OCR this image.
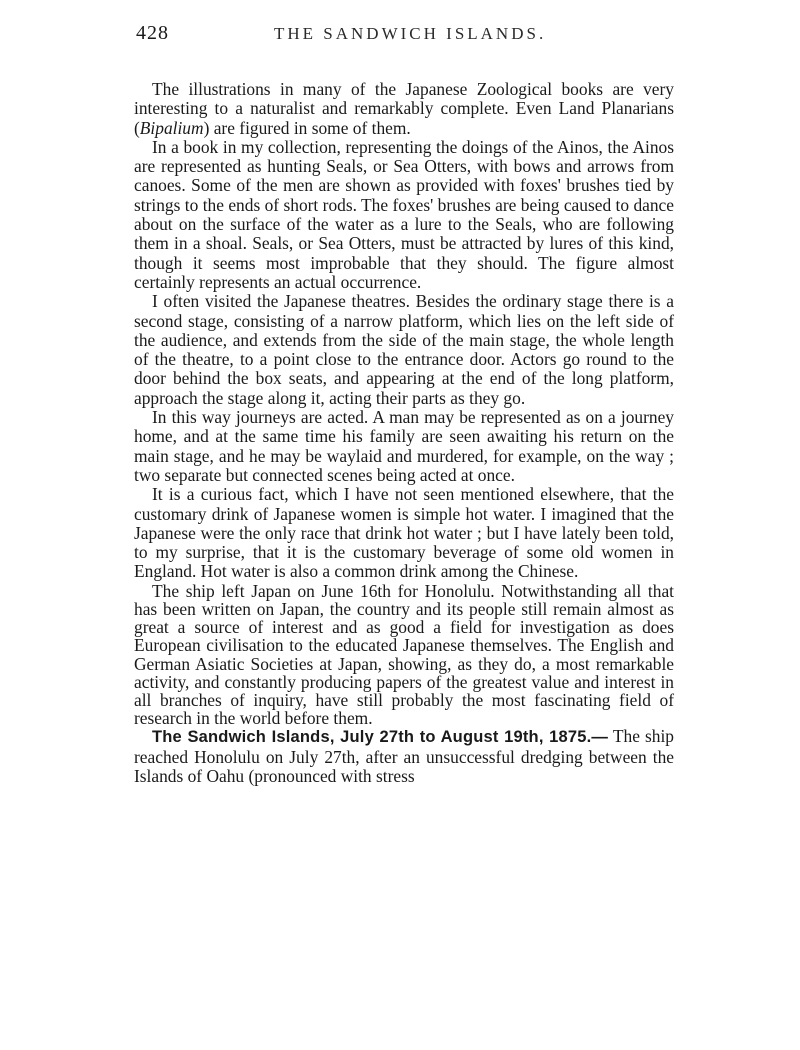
428	THE SANDWICH ISLANDS.

The illustrations in many of the Japanese Zoological books are very interesting to a naturalist and remarkably complete. Even Land Planarians (Bipalium) are figured in some of them.

In a book in my collection, representing the doings of the Ainos, the Ainos are represented as hunting Seals, or Sea Otters, with bows and arrows from canoes. Some of the men are shown as provided with foxes' brushes tied by strings to the ends of short rods. The foxes' brushes are being caused to dance about on the surface of the water as a lure to the Seals, who are following them in a shoal. Seals, or Sea Otters, must be attracted by lures of this kind, though it seems most improbable that they should. The figure almost certainly represents an actual occurrence.

I often visited the Japanese theatres. Besides the ordinary stage there is a second stage, consisting of a narrow platform, which lies on the left side of the audience, and extends from the side of the main stage, the whole length of the theatre, to a point close to the entrance door. Actors go round to the door behind the box seats, and appearing at the end of the long platform, approach the stage along it, acting their parts as they go.

In this way journeys are acted. A man may be represented as on a journey home, and at the same time his family are seen awaiting his return on the main stage, and he may be waylaid and murdered, for example, on the way ; two separate but connected scenes being acted at once.

It is a curious fact, which I have not seen mentioned elsewhere, that the customary drink of Japanese women is simple hot water. I imagined that the Japanese were the only race that drink hot water ; but I have lately been told, to my surprise, that it is the customary beverage of some old women in England. Hot water is also a common drink among the Chinese.

The ship left Japan on June 16th for Honolulu. Notwithstanding all that has been written on Japan, the country and its people still remain almost as great a source of interest and as good a field for investigation as does European civilisation to the educated Japanese themselves. The English and German Asiatic Societies at Japan, showing, as they do, a most remarkable activity, and constantly producing papers of the greatest value and interest in all branches of inquiry, have still probably the most fascinating field of research in the world before them.

The Sandwich Islands, July 27th to August 19th, 1875.— The ship reached Honolulu on July 27th, after an unsuccessful dredging between the Islands of Oahu (pronounced with stress
